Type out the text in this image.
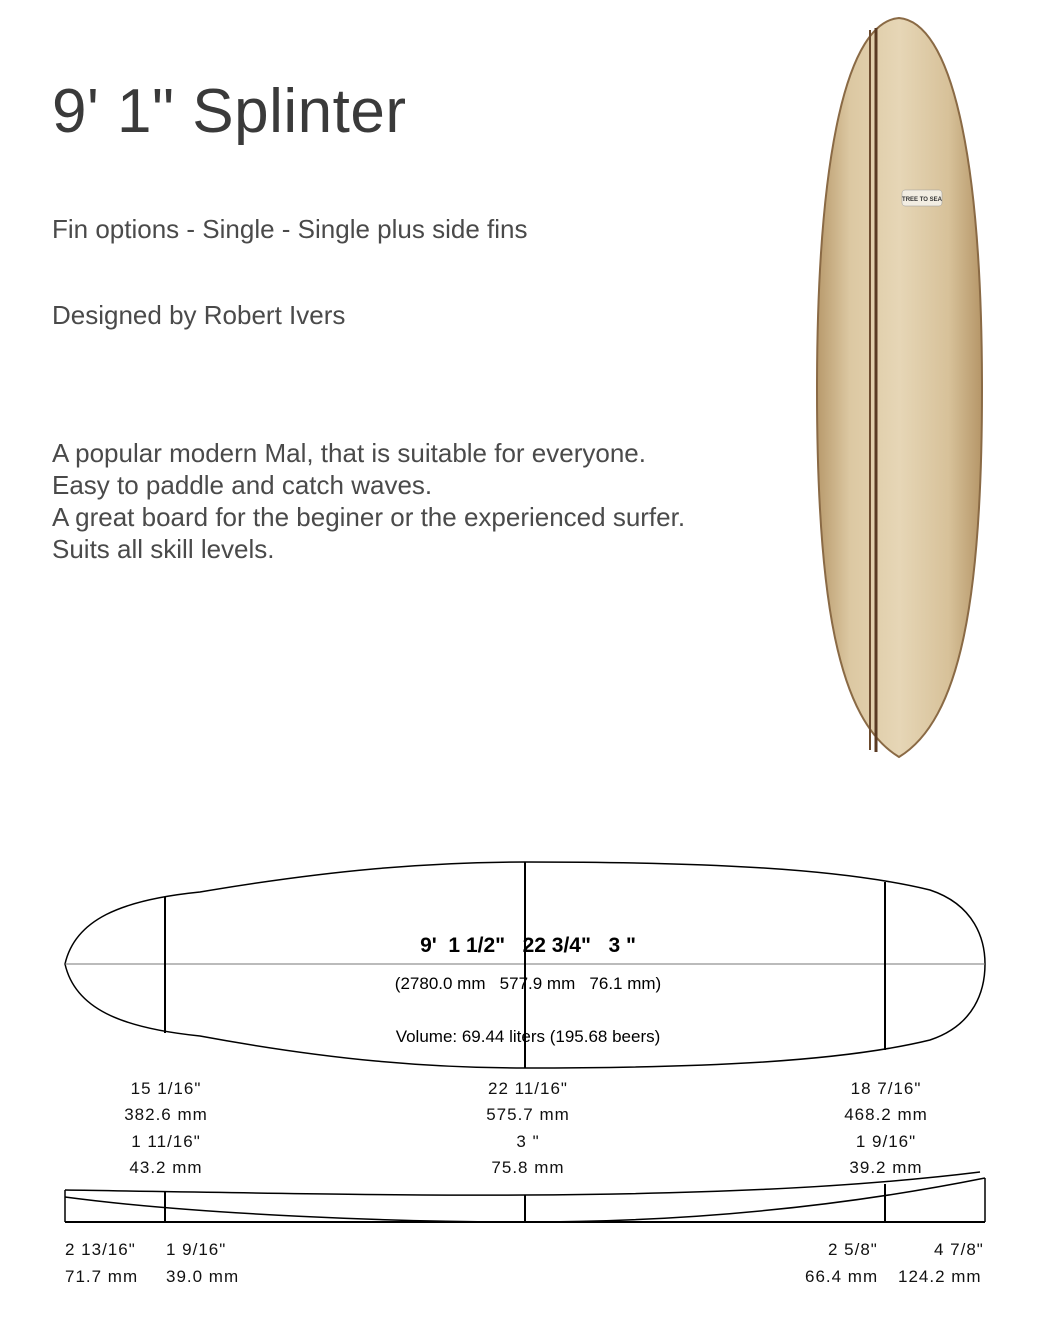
9' 1" Splinter
Fin options - Single - Single plus side fins
Designed by Robert Ivers
A popular modern Mal, that is suitable for everyone.
Easy to paddle and catch waves.
A great board for the beginer or the experienced surfer.
Suits all skill levels.
TREE TO SEA
9'  1 1/2"   22 3/4"   3 "
(2780.0 mm   577.9 mm   76.1 mm)
Volume: 69.44 liters (195.68 beers)
15 1/16"
382.6 mm
1 11/16"
43.2 mm
22 11/16"
575.7 mm
3 "
75.8 mm
18 7/16"
468.2 mm
1 9/16"
39.2 mm
2 13/16"
71.7 mm
1 9/16"
39.0 mm
2 5/8"
66.4 mm
4 7/8"
124.2 mm
